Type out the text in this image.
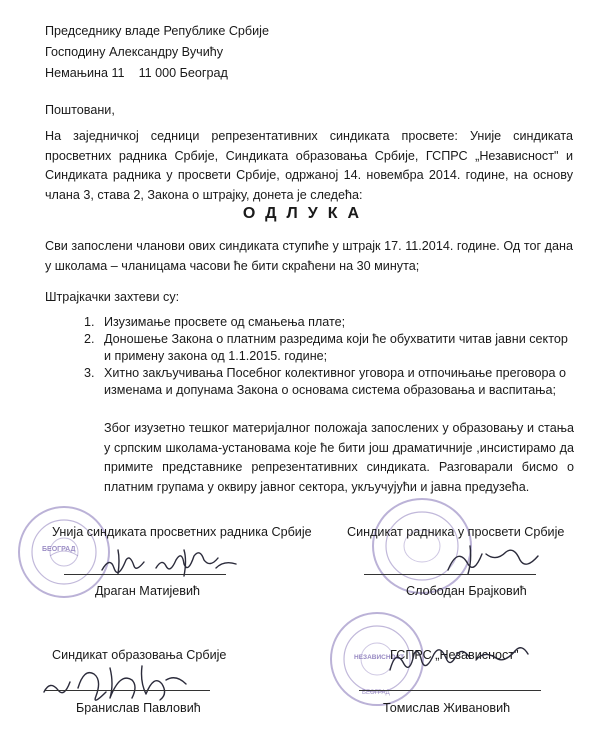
Председнику владе Републике Србије
Господину Александру Вучићу
Немањина 11 11 000 Београд
Поштовани,
На заједничкој седници репрезентативних синдиката просвете: Уније синдиката просветних радника Србије, Синдиката образовања Србије, ГСПРС „Независност" и Синдиката радника у просвети Србије, одржаној 14. новембра 2014. године, на основу члана 3, става 2, Закона о штрајку, донета је следећа:
ОДЛУКА
Сви запослени чланови ових синдиката ступиће у штрајк 17. 11.2014. године. Од тог дана у школама – чланицама часови ће бити скраћени на 30 минута;
Штрајкачки захтеви су:
1. Изузимање просвете од смањења плате;
2. Доношење Закона о платним разредима који ће обухватити читав јавни сектор и примену закона од 1.1.2015. године;
3. Хитно закључивања Посебног колективног уговора и отпочињање преговора о изменама и допунама Закона о основама система образовања и васпитања;
Због изузетно тешког материјалног положаја запослених у образовању и стања у српским школама-установама које ће бити још драматичније ,инсистирамо да примите представнике репрезентативних синдиката. Разговарали бисмо о платним групама у оквиру јавног сектора, укључујући и јавна предузећа.
БЕОГРАД
Унија синдиката просветних радника Србије
Драган Матијевић
Синдикат радника у просвети Србије
Слободан Брајковић
Синдикат образовања Србије
Бранислав Павловић
НЕЗАВИСНОСТ
БЕОГРАД
ГСПРС „Независност"
Томислав Живановић
